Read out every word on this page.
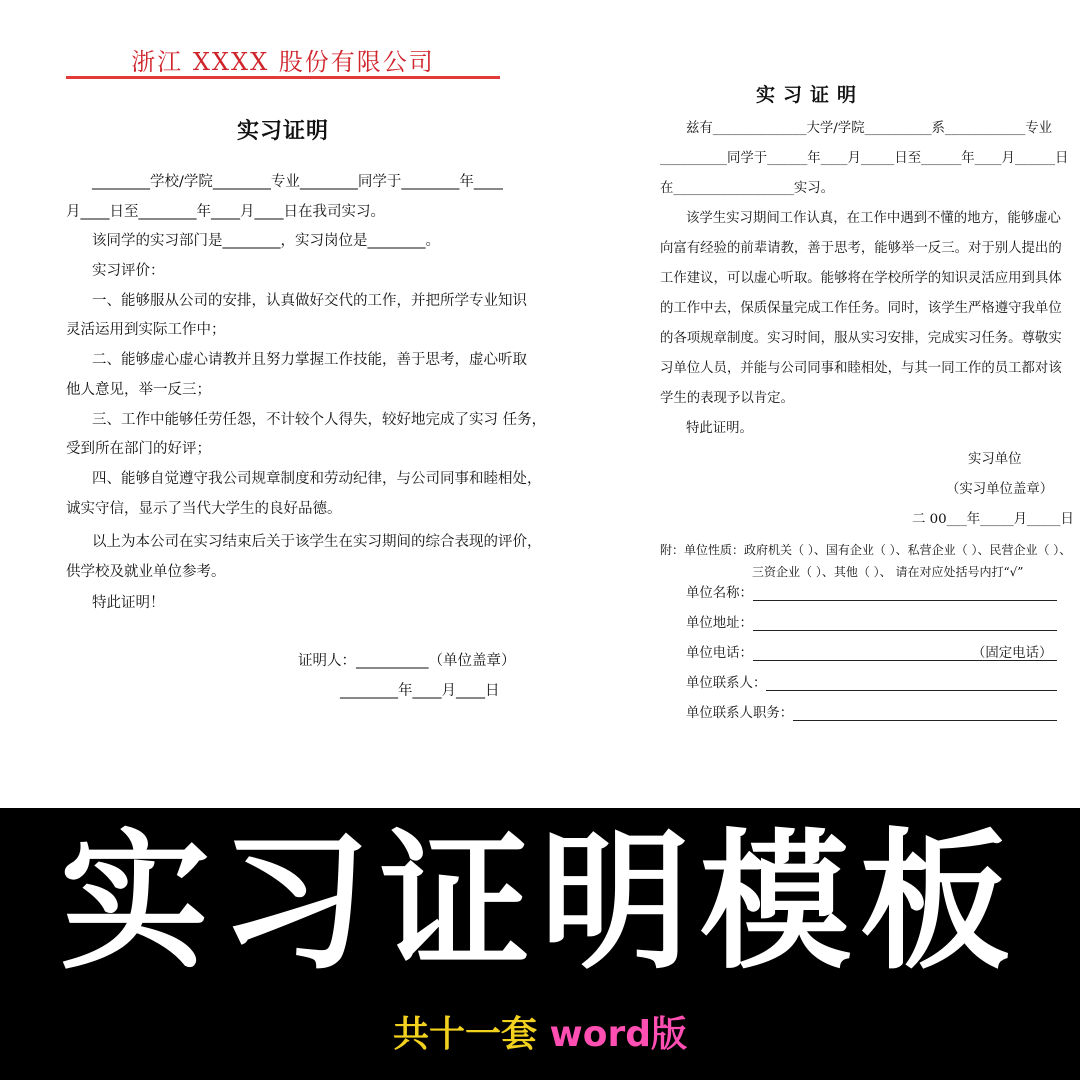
浙江 XXXX 股份有限公司
实习证明
________学校/学院________专业________同学于________年____
月____日至________年____月____日在我司实习。
该同学的实习部门是________，实习岗位是________。
实习评价：
一、能够服从公司的安排，认真做好交代的工作，并把所学专业知识
灵活运用到实际工作中；
二、能够虚心虚心请教并且努力掌握工作技能，善于思考，虚心听取
他人意见，举一反三；
三、工作中能够任劳任怨，不计较个人得失，较好地完成了实习 任务，
受到所在部门的好评；
四、能够自觉遵守我公司规章制度和劳动纪律，与公司同事和睦相处，
诚实守信，显示了当代大学生的良好品德。
以上为本公司在实习结束后关于该学生在实习期间的综合表现的评价，
供学校及就业单位参考。
特此证明！
证明人：__________（单位盖章）
________年____月____日
实习证明
兹有______________大学/学院__________系____________专业
__________同学于______年____月_____日至______年____月______日
在__________________实习。
该学生实习期间工作认真，在工作中遇到不懂的地方，能够虚心
向富有经验的前辈请教，善于思考，能够举一反三。对于别人提出的
工作建议，可以虚心听取。能够将在学校所学的知识灵活应用到具体
的工作中去，保质保量完成工作任务。同时，该学生严格遵守我单位
的各项规章制度。实习时间，服从实习安排，完成实习任务。尊敬实
习单位人员，并能与公司同事和睦相处，与其一同工作的员工都对该
学生的表现予以肯定。
特此证明。
实习单位
（实习单位盖章）
二 00___年_____月_____日
附：单位性质：政府机关（ ）、国有企业（ ）、私营企业（ ）、民营企业（ ）、
三资企业（ ）、其他（ ）、 请在对应处括号内打“√”
单位名称：
单位地址：
单位电话：	（固定电话）
单位联系人：
单位联系人职务：
实习证明模板
共十一套 word版
